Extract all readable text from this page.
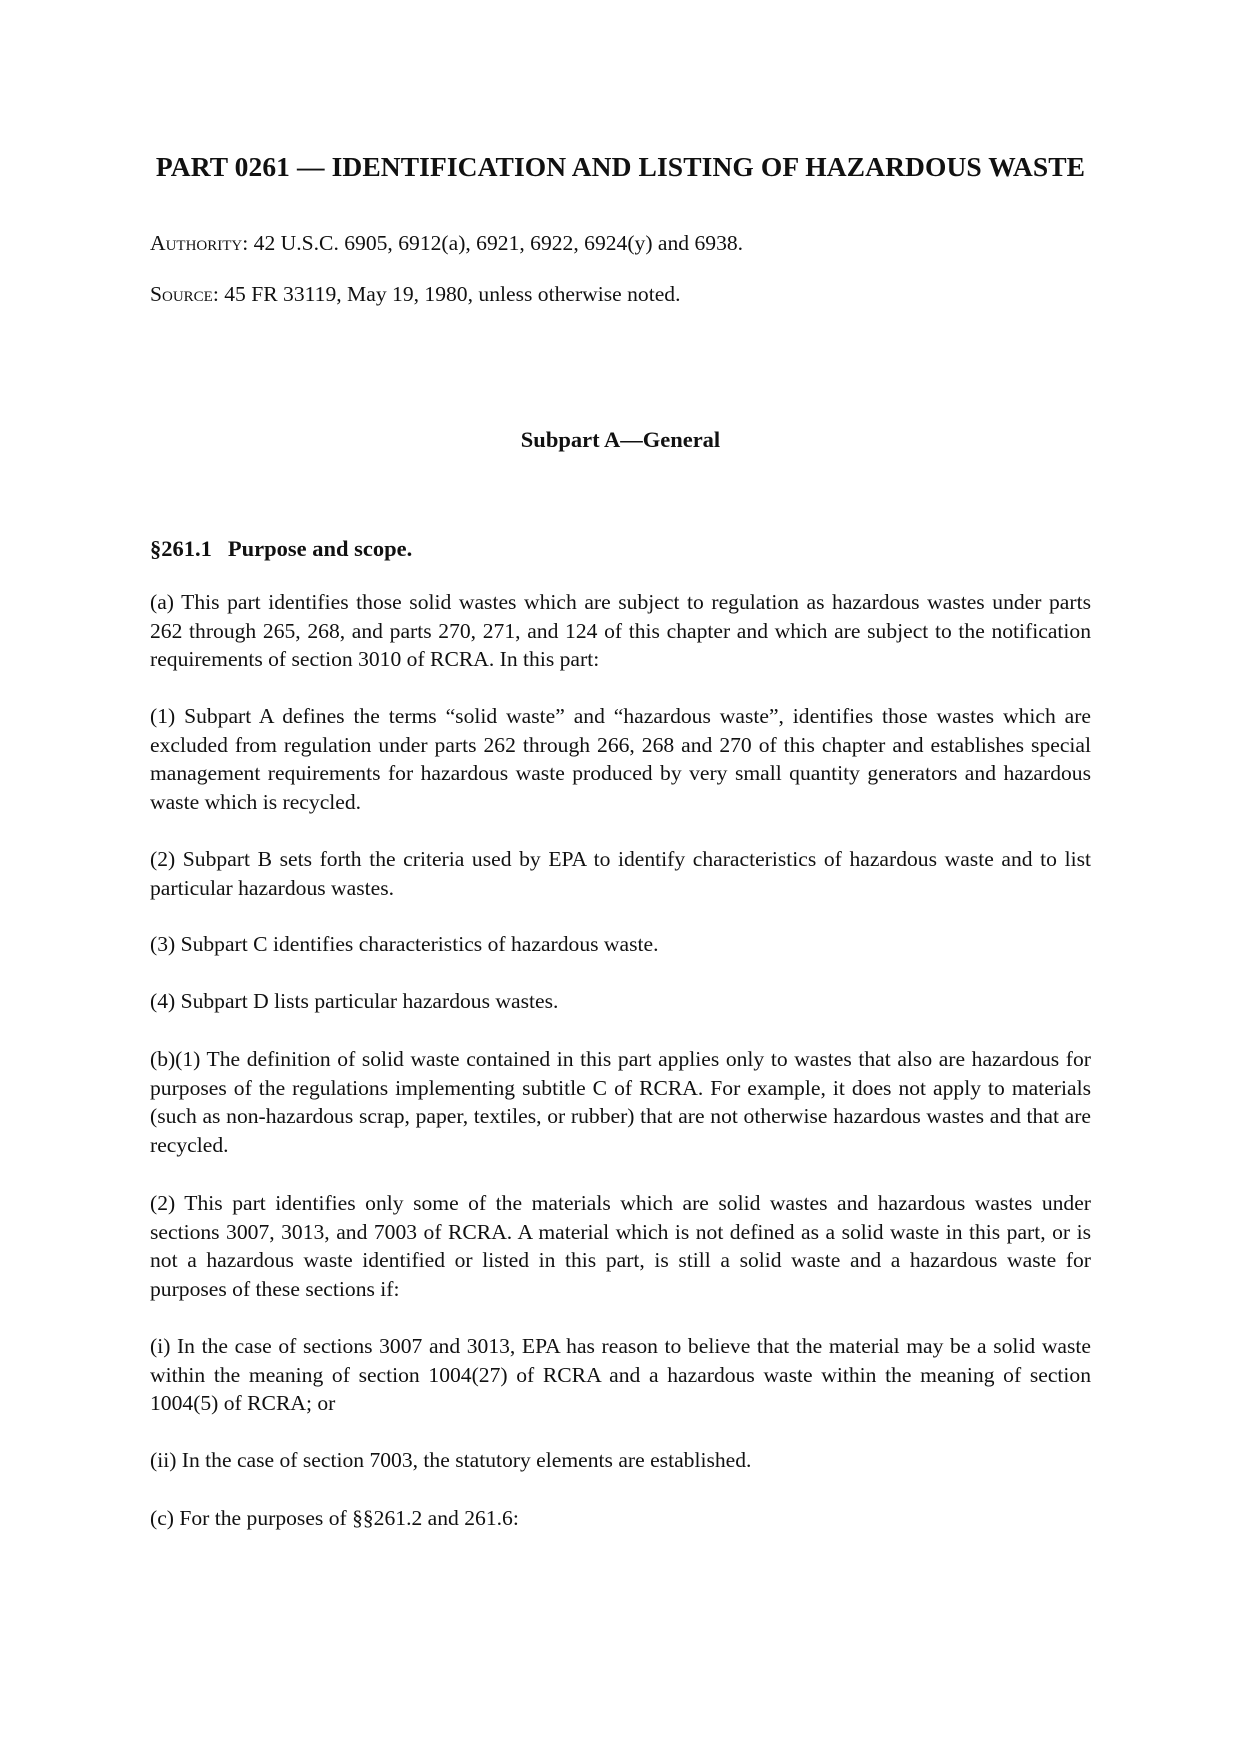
PART 0261 — IDENTIFICATION AND LISTING OF HAZARDOUS WASTE

Authority: 42 U.S.C. 6905, 6912(a), 6921, 6922, 6924(y) and 6938.

Source: 45 FR 33119, May 19, 1980, unless otherwise noted.

Subpart A—General
§261.1 Purpose and scope.

(a) This part identifies those solid wastes which are subject to regulation as hazardous wastes under parts 262 through 265, 268, and parts 270, 271, and 124 of this chapter and which are subject to the notification requirements of section 3010 of RCRA. In this part:

(1) Subpart A defines the terms “solid waste” and “hazardous waste”, identifies those wastes which are excluded from regulation under parts 262 through 266, 268 and 270 of this chapter and establishes special management requirements for hazardous waste produced by very small quantity generators and hazardous waste which is recycled.

(2) Subpart B sets forth the criteria used by EPA to identify characteristics of hazardous waste and to list particular hazardous wastes.

(3) Subpart C identifies characteristics of hazardous waste.

(4) Subpart D lists particular hazardous wastes.

(b)(1) The definition of solid waste contained in this part applies only to wastes that also are hazardous for purposes of the regulations implementing subtitle C of RCRA. For example, it does not apply to materials (such as non-hazardous scrap, paper, textiles, or rubber) that are not otherwise hazardous wastes and that are recycled.

(2) This part identifies only some of the materials which are solid wastes and hazardous wastes under sections 3007, 3013, and 7003 of RCRA. A material which is not defined as a solid waste in this part, or is not a hazardous waste identified or listed in this part, is still a solid waste and a hazardous waste for purposes of these sections if:

(i) In the case of sections 3007 and 3013, EPA has reason to believe that the material may be a solid waste within the meaning of section 1004(27) of RCRA and a hazardous waste within the meaning of section 1004(5) of RCRA; or

(ii) In the case of section 7003, the statutory elements are established.

(c) For the purposes of §§261.2 and 261.6:
